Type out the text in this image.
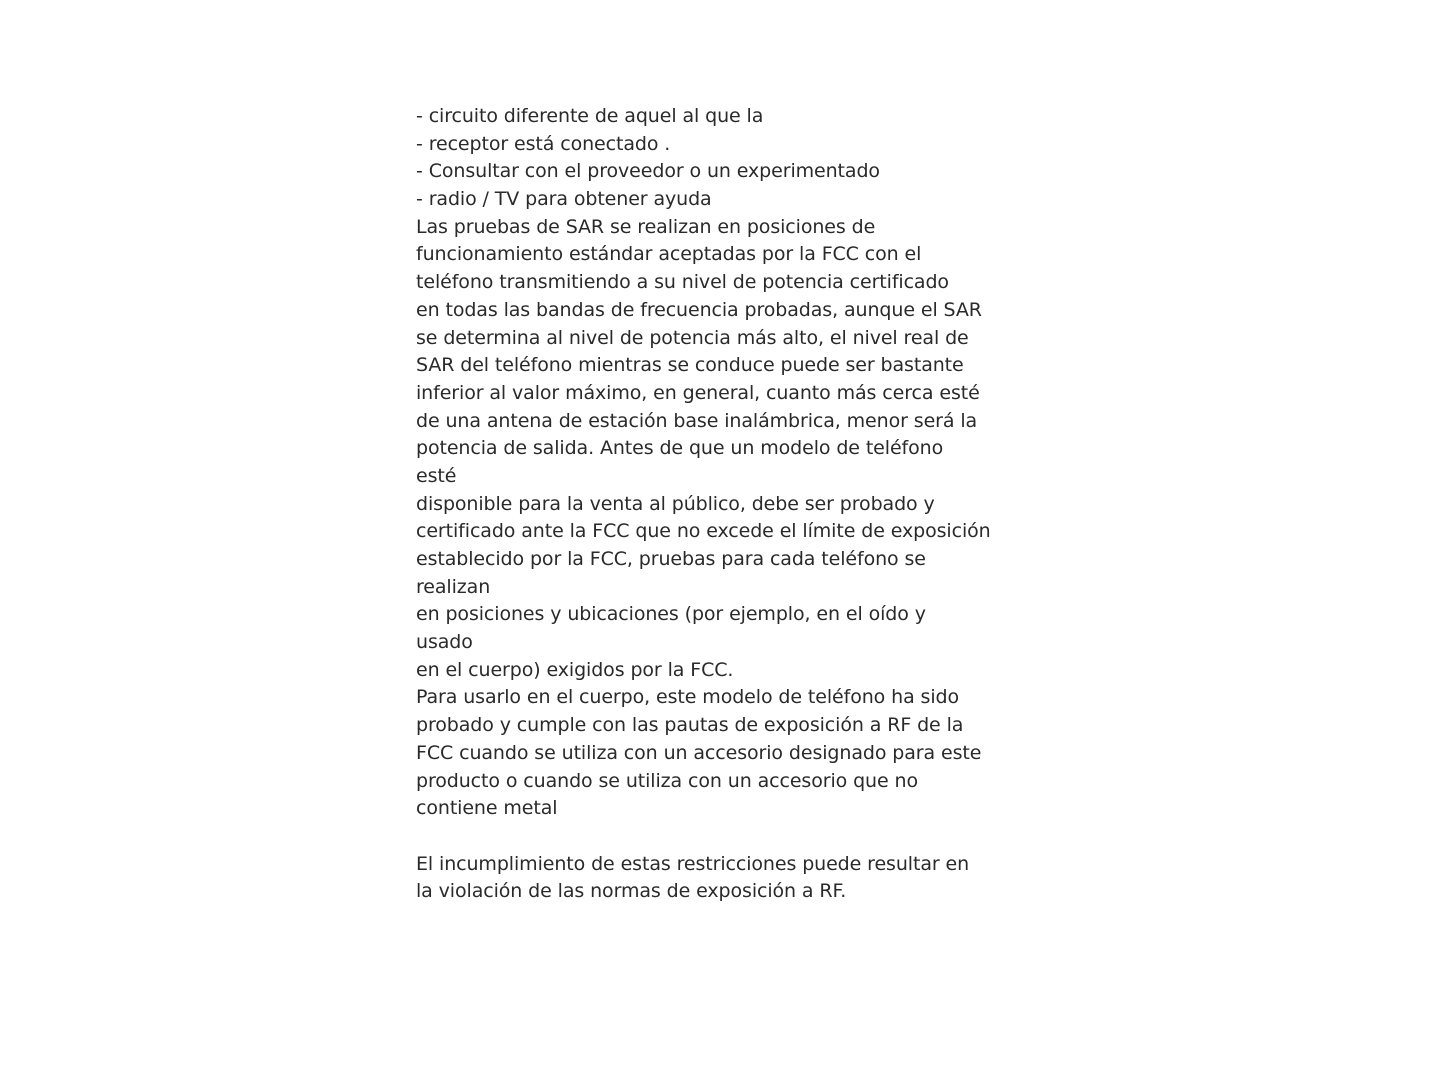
- circuito diferente de aquel al que la
- receptor está conectado .
- Consultar con el proveedor o un experimentado
- radio / TV para obtener ayuda
Las pruebas de SAR se realizan en posiciones de
funcionamiento estándar aceptadas por la FCC con el
teléfono transmitiendo a su nivel de potencia certificado
en todas las bandas de frecuencia probadas, aunque el SAR
se determina al nivel de potencia más alto, el nivel real de
SAR del teléfono mientras se conduce puede ser bastante
inferior al valor máximo, en general, cuanto más cerca esté
de una antena de estación base inalámbrica, menor será la
potencia de salida. Antes de que un modelo de teléfono
esté
disponible para la venta al público, debe ser probado y
certificado ante la FCC que no excede el límite de exposición
establecido por la FCC, pruebas para cada teléfono se
realizan
en posiciones y ubicaciones (por ejemplo, en el oído y
usado
en el cuerpo) exigidos por la FCC.
Para usarlo en el cuerpo, este modelo de teléfono ha sido
probado y cumple con las pautas de exposición a RF de la
FCC cuando se utiliza con un accesorio designado para este
producto o cuando se utiliza con un accesorio que no
contiene metal
El incumplimiento de estas restricciones puede resultar en
la violación de las normas de exposición a RF.
